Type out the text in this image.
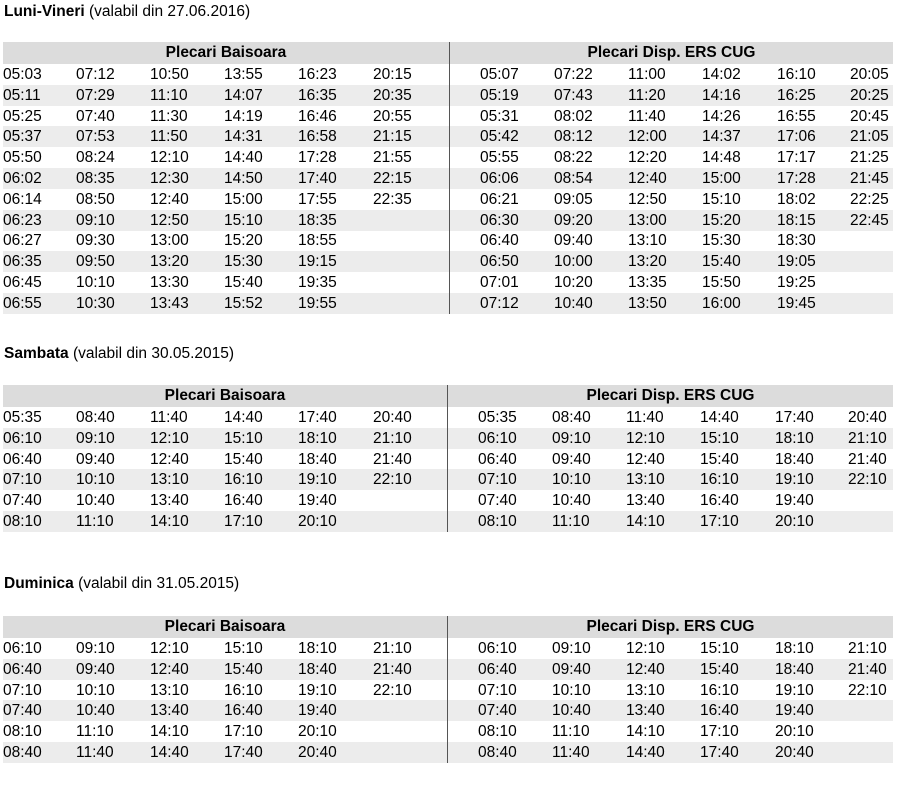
Luni-Vineri (valabil din 27.06.2016)
Plecari Baisoara	Plecari Disp. ERS CUG
05:03 07:12 10:50 13:55 16:23 20:15	05:07 07:22 11:00 14:02 16:10 20:05
05:11 07:29 11:10 14:07 16:35 20:35	05:19 07:43 11:20 14:16 16:25 20:25
05:25 07:40 11:30 14:19 16:46 20:55	05:31 08:02 11:40 14:26 16:55 20:45
05:37 07:53 11:50 14:31 16:58 21:15	05:42 08:12 12:00 14:37 17:06 21:05
05:50 08:24 12:10 14:40 17:28 21:55	05:55 08:22 12:20 14:48 17:17 21:25
06:02 08:35 12:30 14:50 17:40 22:15	06:06 08:54 12:40 15:00 17:28 21:45
06:14 08:50 12:40 15:00 17:55 22:35	06:21 09:05 12:50 15:10 18:02 22:25
06:23 09:10 12:50 15:10 18:35	06:30 09:20 13:00 15:20 18:15 22:45
06:27 09:30 13:00 15:20 18:55	06:40 09:40 13:10 15:30 18:30
06:35 09:50 13:20 15:30 19:15	06:50 10:00 13:20 15:40 19:05
06:45 10:10 13:30 15:40 19:35	07:01 10:20 13:35 15:50 19:25
06:55 10:30 13:43 15:52 19:55	07:12 10:40 13:50 16:00 19:45
Sambata (valabil din 30.05.2015)
Plecari Baisoara	Plecari Disp. ERS CUG
05:35 08:40 11:40 14:40 17:40 20:40	05:35 08:40 11:40 14:40 17:40 20:40
06:10 09:10 12:10 15:10 18:10 21:10	06:10 09:10 12:10 15:10 18:10 21:10
06:40 09:40 12:40 15:40 18:40 21:40	06:40 09:40 12:40 15:40 18:40 21:40
07:10 10:10 13:10 16:10 19:10 22:10	07:10 10:10 13:10 16:10 19:10 22:10
07:40 10:40 13:40 16:40 19:40	07:40 10:40 13:40 16:40 19:40
08:10 11:10 14:10 17:10 20:10	08:10 11:10 14:10 17:10 20:10
Duminica (valabil din 31.05.2015)
Plecari Baisoara	Plecari Disp. ERS CUG
06:10 09:10 12:10 15:10 18:10 21:10	06:10 09:10 12:10 15:10 18:10 21:10
06:40 09:40 12:40 15:40 18:40 21:40	06:40 09:40 12:40 15:40 18:40 21:40
07:10 10:10 13:10 16:10 19:10 22:10	07:10 10:10 13:10 16:10 19:10 22:10
07:40 10:40 13:40 16:40 19:40	07:40 10:40 13:40 16:40 19:40
08:10 11:10 14:10 17:10 20:10	08:10 11:10 14:10 17:10 20:10
08:40 11:40 14:40 17:40 20:40	08:40 11:40 14:40 17:40 20:40
